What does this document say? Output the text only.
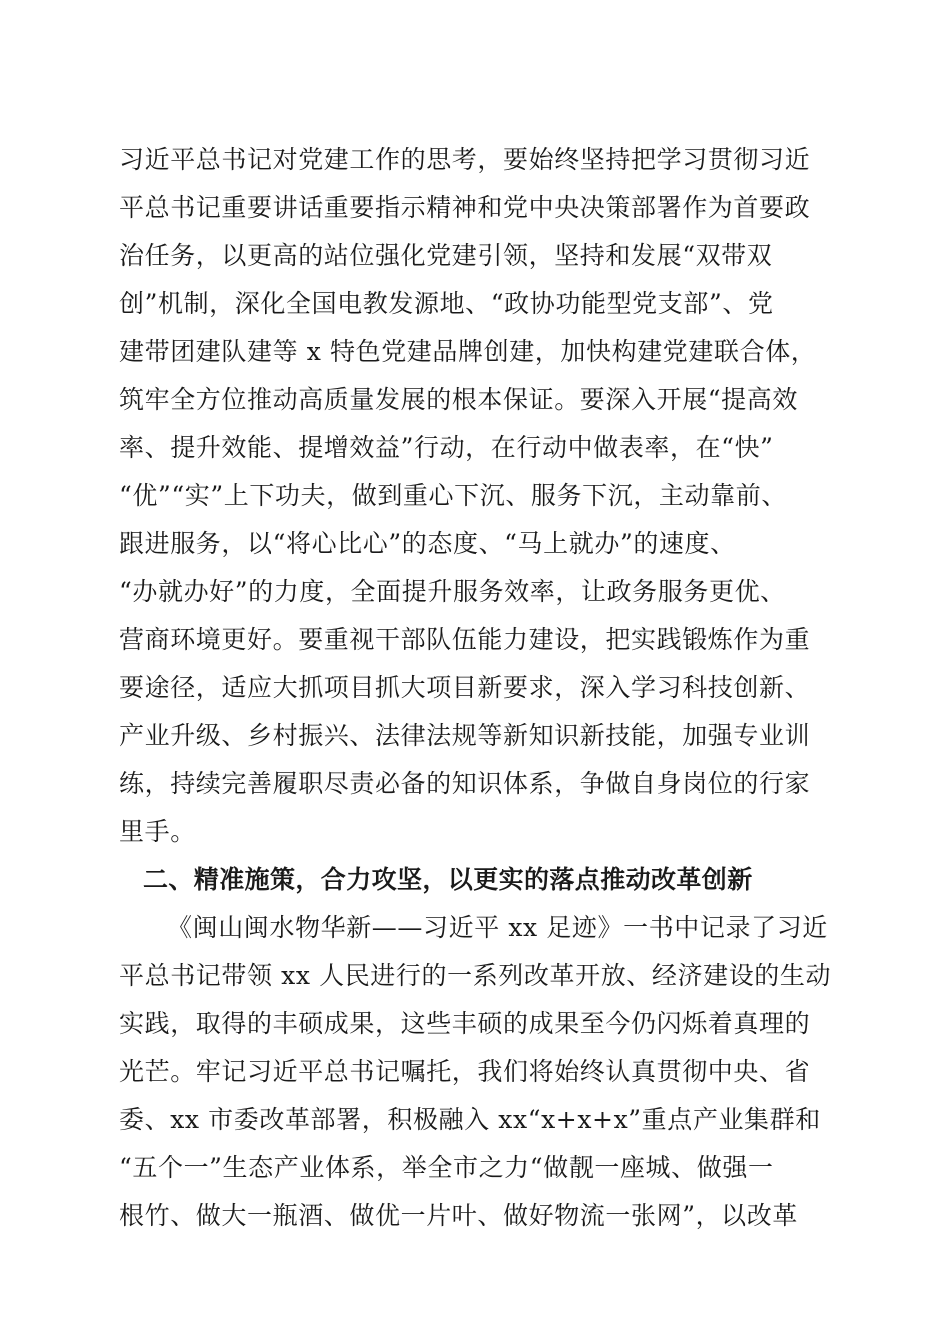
习近平总书记对党建工作的思考，要始终坚持把学习贯彻习近
平总书记重要讲话重要指示精神和党中央决策部署作为首要政
治任务，以更高的站位强化党建引领，坚持和发展“双带双
创”机制，深化全国电教发源地、“政协功能型党支部”、党
建带团建队建等 x 特色党建品牌创建，加快构建党建联合体，
筑牢全方位推动高质量发展的根本保证。要深入开展“提高效
率、提升效能、提增效益”行动，在行动中做表率，在“快”
“优”“实”上下功夫，做到重心下沉、服务下沉，主动靠前、
跟进服务，以“将心比心”的态度、“马上就办”的速度、
“办就办好”的力度，全面提升服务效率，让政务服务更优、
营商环境更好。要重视干部队伍能力建设，把实践锻炼作为重
要途径，适应大抓项目抓大项目新要求，深入学习科技创新、
产业升级、乡村振兴、法律法规等新知识新技能，加强专业训
练，持续完善履职尽责必备的知识体系，争做自身岗位的行家
里手。
二、精准施策，合力攻坚，以更实的落点推动改革创新
《闽山闽水物华新——习近平 xx 足迹》一书中记录了习近
平总书记带领 xx 人民进行的一系列改革开放、经济建设的生动
实践，取得的丰硕成果，这些丰硕的成果至今仍闪烁着真理的
光芒。牢记习近平总书记嘱托，我们将始终认真贯彻中央、省
委、xx 市委改革部署，积极融入 xx“x+x+x”重点产业集群和
“五个一”生态产业体系，举全市之力“做靓一座城、做强一
根竹、做大一瓶酒、做优一片叶、做好物流一张网”，以改革
